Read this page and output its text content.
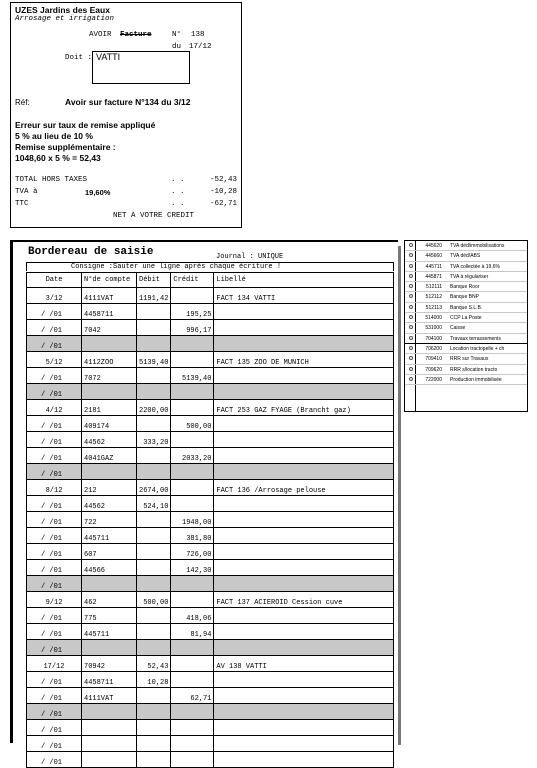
UZES Jardins des Eaux
Arrosage et irrigation
AVOIR Facture	N° 138
du 17/12
Doit : VATTI
Réf:	Avoir sur facture N°134 du 3/12
Erreur sur taux de remise appliqué
5 % au lieu de 10 %
Remise supplémentaire :
1048,60 x 5 % = 52,43
TOTAL HORS TAXES	. .	-52,43
TVA à	19,60%	. .	-10,28
TTC	. .	-62,71
NET A VOTRE CREDIT
Bordereau de saisie	Journal : UNIQUE
Consigne :Sauter une ligne après chaque écriture !
Date	N°de compte	Débit	Crédit	Libellé
3/12	4111VAT	1191,42		FACT 134 VATTI
/ /01	4458711		195,25	
/ /01	7042		996,17	
/ /01				
5/12	4112ZOO	5139,40		FACT 135 ZOO DE MUNICH
/ /01	7072		5139,40	
/ /01				
4/12	2181	2200,00		FACT 253 GAZ FYAGE (Brancht gaz)
/ /01	409174		500,00	
/ /01	44562	333,20		
/ /01	4041GAZ		2033,20	
/ /01				
8/12	212	2674,00		FACT 136 /Arrosage pelouse
/ /01	44562	524,10		
/ /01	722		1948,00	
/ /01	445711		381,80	
/ /01	607		726,00	
/ /01	44566		142,30	
/ /01				
9/12	462	500,00		FACT 137 ACIEROID Cession cuve
/ /01	775		418,06	
/ /01	445711		81,94	
/ /01				
17/12	70942	52,43		AV 138 VATTI
/ /01	4458711	10,28		
/ /01	4111VAT		62,71	
/ /01				
/ /01				
/ /01				
/ /01				
445620 TVA déd/immobilisations
445660 TVA déd/ABS
445711 TVA collectée à 19,6%
445871 TVA à régulariser
512111 Banque Roor
512112 Banque BNP
512113 Banque S.L.B.
514000 CCP La Poste
531000 Caisse
704100 Travaux terrassements
706200 Location tractopelle + ch
709410 RRR sur Travaux
709620 RRR s/location tracto
722000 Production immobilisée
